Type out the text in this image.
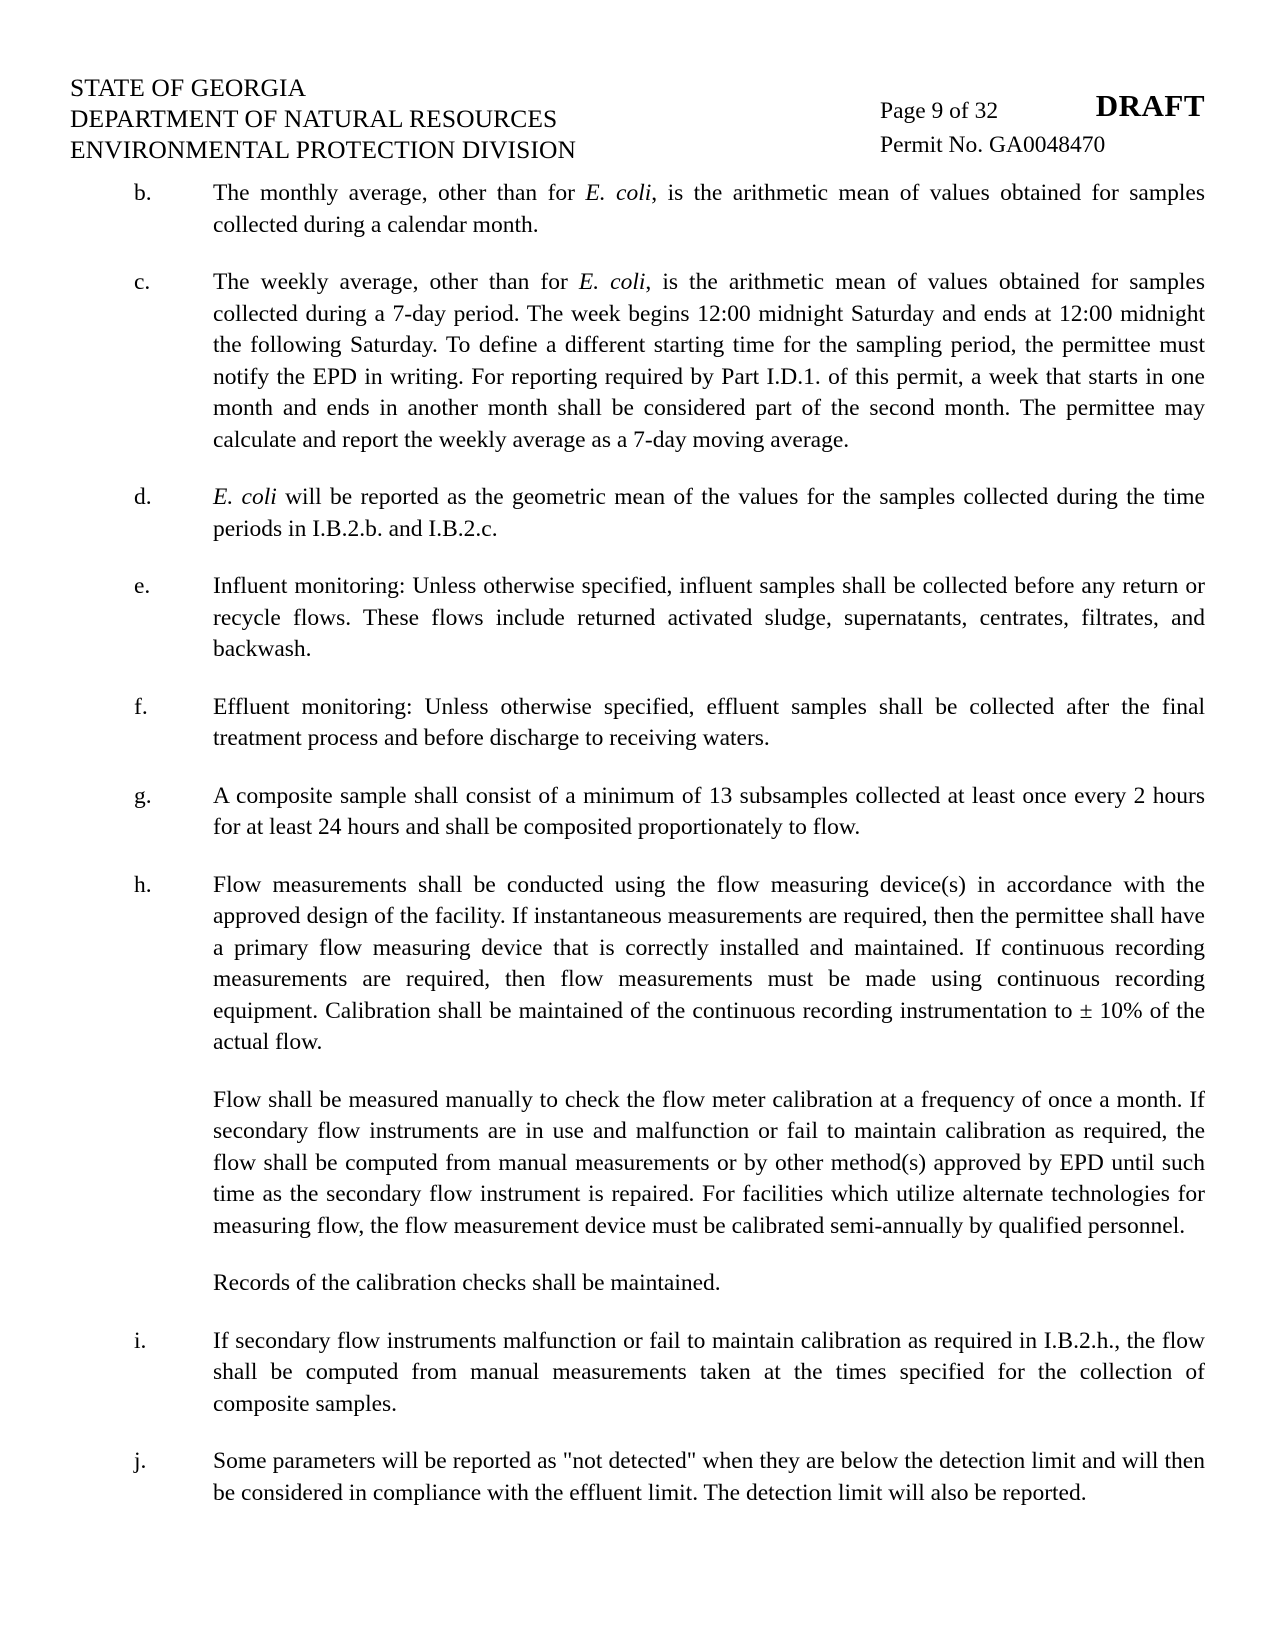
STATE OF GEORGIA
DEPARTMENT OF NATURAL RESOURCES
ENVIRONMENTAL PROTECTION DIVISION
DRAFT
Page 9 of 32
Permit No. GA0048470
b.	The monthly average, other than for E. coli, is the arithmetic mean of values obtained for samples collected during a calendar month.

c.	The weekly average, other than for E. coli, is the arithmetic mean of values obtained for samples collected during a 7-day period. The week begins 12:00 midnight Saturday and ends at 12:00 midnight the following Saturday. To define a different starting time for the sampling period, the permittee must notify the EPD in writing. For reporting required by Part I.D.1. of this permit, a week that starts in one month and ends in another month shall be considered part of the second month. The permittee may calculate and report the weekly average as a 7-day moving average.

d.	E. coli will be reported as the geometric mean of the values for the samples collected during the time periods in I.B.2.b. and I.B.2.c.

e.	Influent monitoring: Unless otherwise specified, influent samples shall be collected before any return or recycle flows. These flows include returned activated sludge, supernatants, centrates, filtrates, and backwash.

f.	Effluent monitoring: Unless otherwise specified, effluent samples shall be collected after the final treatment process and before discharge to receiving waters.

g.	A composite sample shall consist of a minimum of 13 subsamples collected at least once every 2 hours for at least 24 hours and shall be composited proportionately to flow.

h.	Flow measurements shall be conducted using the flow measuring device(s) in accordance with the approved design of the facility. If instantaneous measurements are required, then the permittee shall have a primary flow measuring device that is correctly installed and maintained. If continuous recording measurements are required, then flow measurements must be made using continuous recording equipment. Calibration shall be maintained of the continuous recording instrumentation to ± 10% of the actual flow.

Flow shall be measured manually to check the flow meter calibration at a frequency of once a month. If secondary flow instruments are in use and malfunction or fail to maintain calibration as required, the flow shall be computed from manual measurements or by other method(s) approved by EPD until such time as the secondary flow instrument is repaired. For facilities which utilize alternate technologies for measuring flow, the flow measurement device must be calibrated semi-annually by qualified personnel.

Records of the calibration checks shall be maintained.

i.	If secondary flow instruments malfunction or fail to maintain calibration as required in I.B.2.h., the flow shall be computed from manual measurements taken at the times specified for the collection of composite samples.

j.	Some parameters will be reported as "not detected" when they are below the detection limit and will then be considered in compliance with the effluent limit. The detection limit will also be reported.
